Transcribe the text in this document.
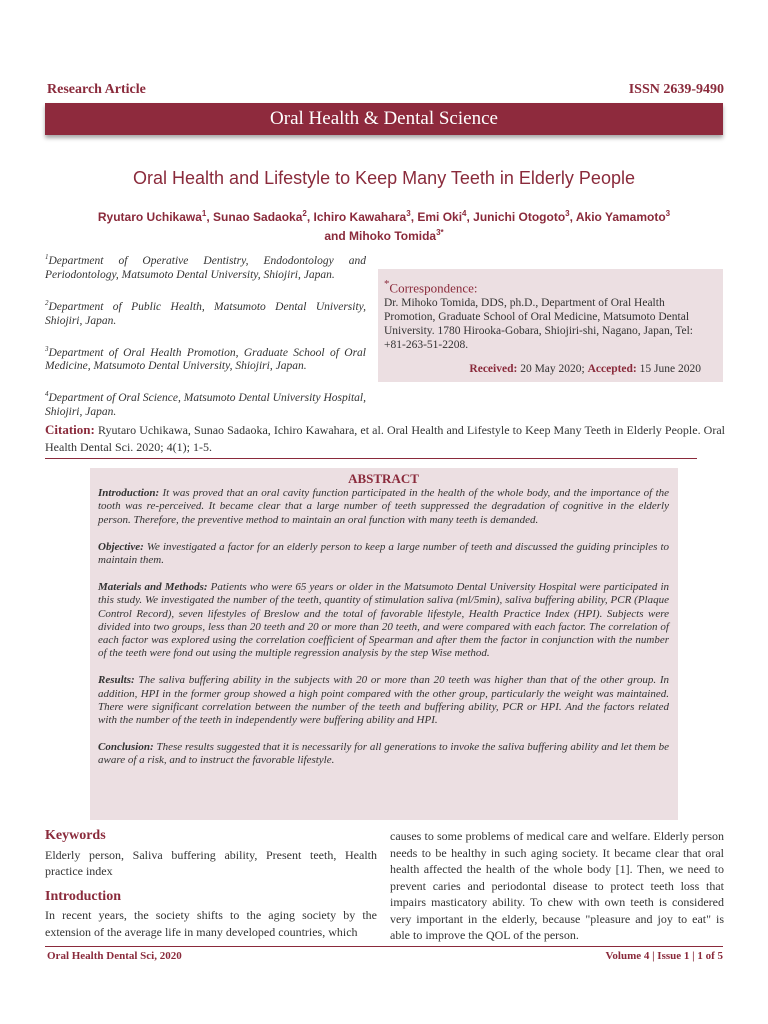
Research Article	ISSN 2639-9490
Oral Health & Dental Science
Oral Health and Lifestyle to Keep Many Teeth in Elderly People
Ryutaro Uchikawa$^1$, Sunao Sadaoka$^2$, Ichiro Kawahara$^3$, Emi Oki$^4$, Junichi Otogoto$^3$, Akio Yamamoto$^3$
and Mihoko Tomida$^{3*}$

$^1$Department of Operative Dentistry, Endodontology and Periodontology, Matsumoto Dental University, Shiojiri, Japan.

$^2$Department of Public Health, Matsumoto Dental University, Shiojiri, Japan.

$^3$Department of Oral Health Promotion, Graduate School of Oral Medicine, Matsumoto Dental University, Shiojiri, Japan.

$^4$Department of Oral Science, Matsumoto Dental University Hospital, Shiojiri, Japan.

*Correspondence:
Dr. Mihoko Tomida, DDS, ph.D., Department of Oral Health Promotion, Graduate School of Oral Medicine, Matsumoto Dental University. 1780 Hirooka-Gobara, Shiojiri-shi, Nagano, Japan, Tel: +81-263-51-2208.
Received: 20 May 2020; Accepted: 15 June 2020
Citation: Ryutaro Uchikawa, Sunao Sadaoka, Ichiro Kawahara, et al. Oral Health and Lifestyle to Keep Many Teeth in Elderly People. Oral Health Dental Sci. 2020; 4(1); 1-5.
ABSTRACT

Introduction: It was proved that an oral cavity function participated in the health of the whole body, and the importance of the tooth was re-perceived. It became clear that a large number of teeth suppressed the degradation of cognitive in the elderly person. Therefore, the preventive method to maintain an oral function with many teeth is demanded.

Objective: We investigated a factor for an elderly person to keep a large number of teeth and discussed the guiding principles to maintain them.

Materials and Methods: Patients who were 65 years or older in the Matsumoto Dental University Hospital were participated in this study. We investigated the number of the teeth, quantity of stimulation saliva (ml/5min), saliva buffering ability, PCR (Plaque Control Record), seven lifestyles of Breslow and the total of favorable lifestyle, Health Practice Index (HPI). Subjects were divided into two groups, less than 20 teeth and 20 or more than 20 teeth, and were compared with each factor. The correlation of each factor was explored using the correlation coefficient of Spearman and after them the factor in conjunction with the number of the teeth were fond out using the multiple regression analysis by the step Wise method.

Results: The saliva buffering ability in the subjects with 20 or more than 20 teeth was higher than that of the other group. In addition, HPI in the former group showed a high point compared with the other group, particularly the weight was maintained. There were significant correlation between the number of the teeth and buffering ability, PCR or HPI. And the factors related with the number of the teeth in independently were buffering ability and HPI.

Conclusion: These results suggested that it is necessarily for all generations to invoke the saliva buffering ability and let them be aware of a risk, and to instruct the favorable lifestyle.

Keywords

Elderly person, Saliva buffering ability, Present teeth, Health practice index

Introduction

In recent years, the society shifts to the aging society by the extension of the average life in many developed countries, which

causes to some problems of medical care and welfare. Elderly person needs to be healthy in such aging society. It became clear that oral health affected the health of the whole body [1]. Then, we need to prevent caries and periodontal disease to protect teeth loss that impairs masticatory ability. To chew with own teeth is considered very important in the elderly, because "pleasure and joy to eat" is able to improve the QOL of the person.

Oral Health Dental Sci, 2020	Volume 4 | Issue 1 | 1 of 5
